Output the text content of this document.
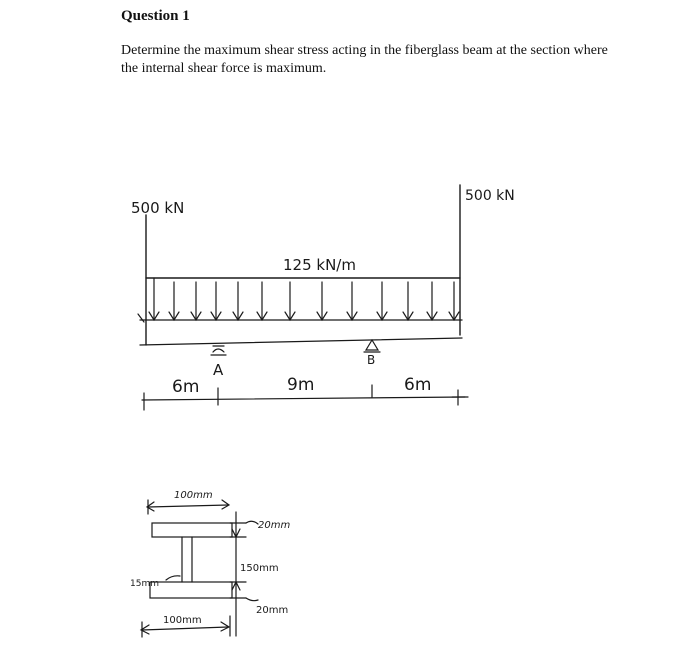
Question 1

Determine the maximum shear stress acting in the fiberglass beam at the section where the internal shear force is maximum.

500 kN
500 kN
125 kN/m
A
B
6m	9m	6m
100mm
20mm
150mm
15mm
20mm
100mm
